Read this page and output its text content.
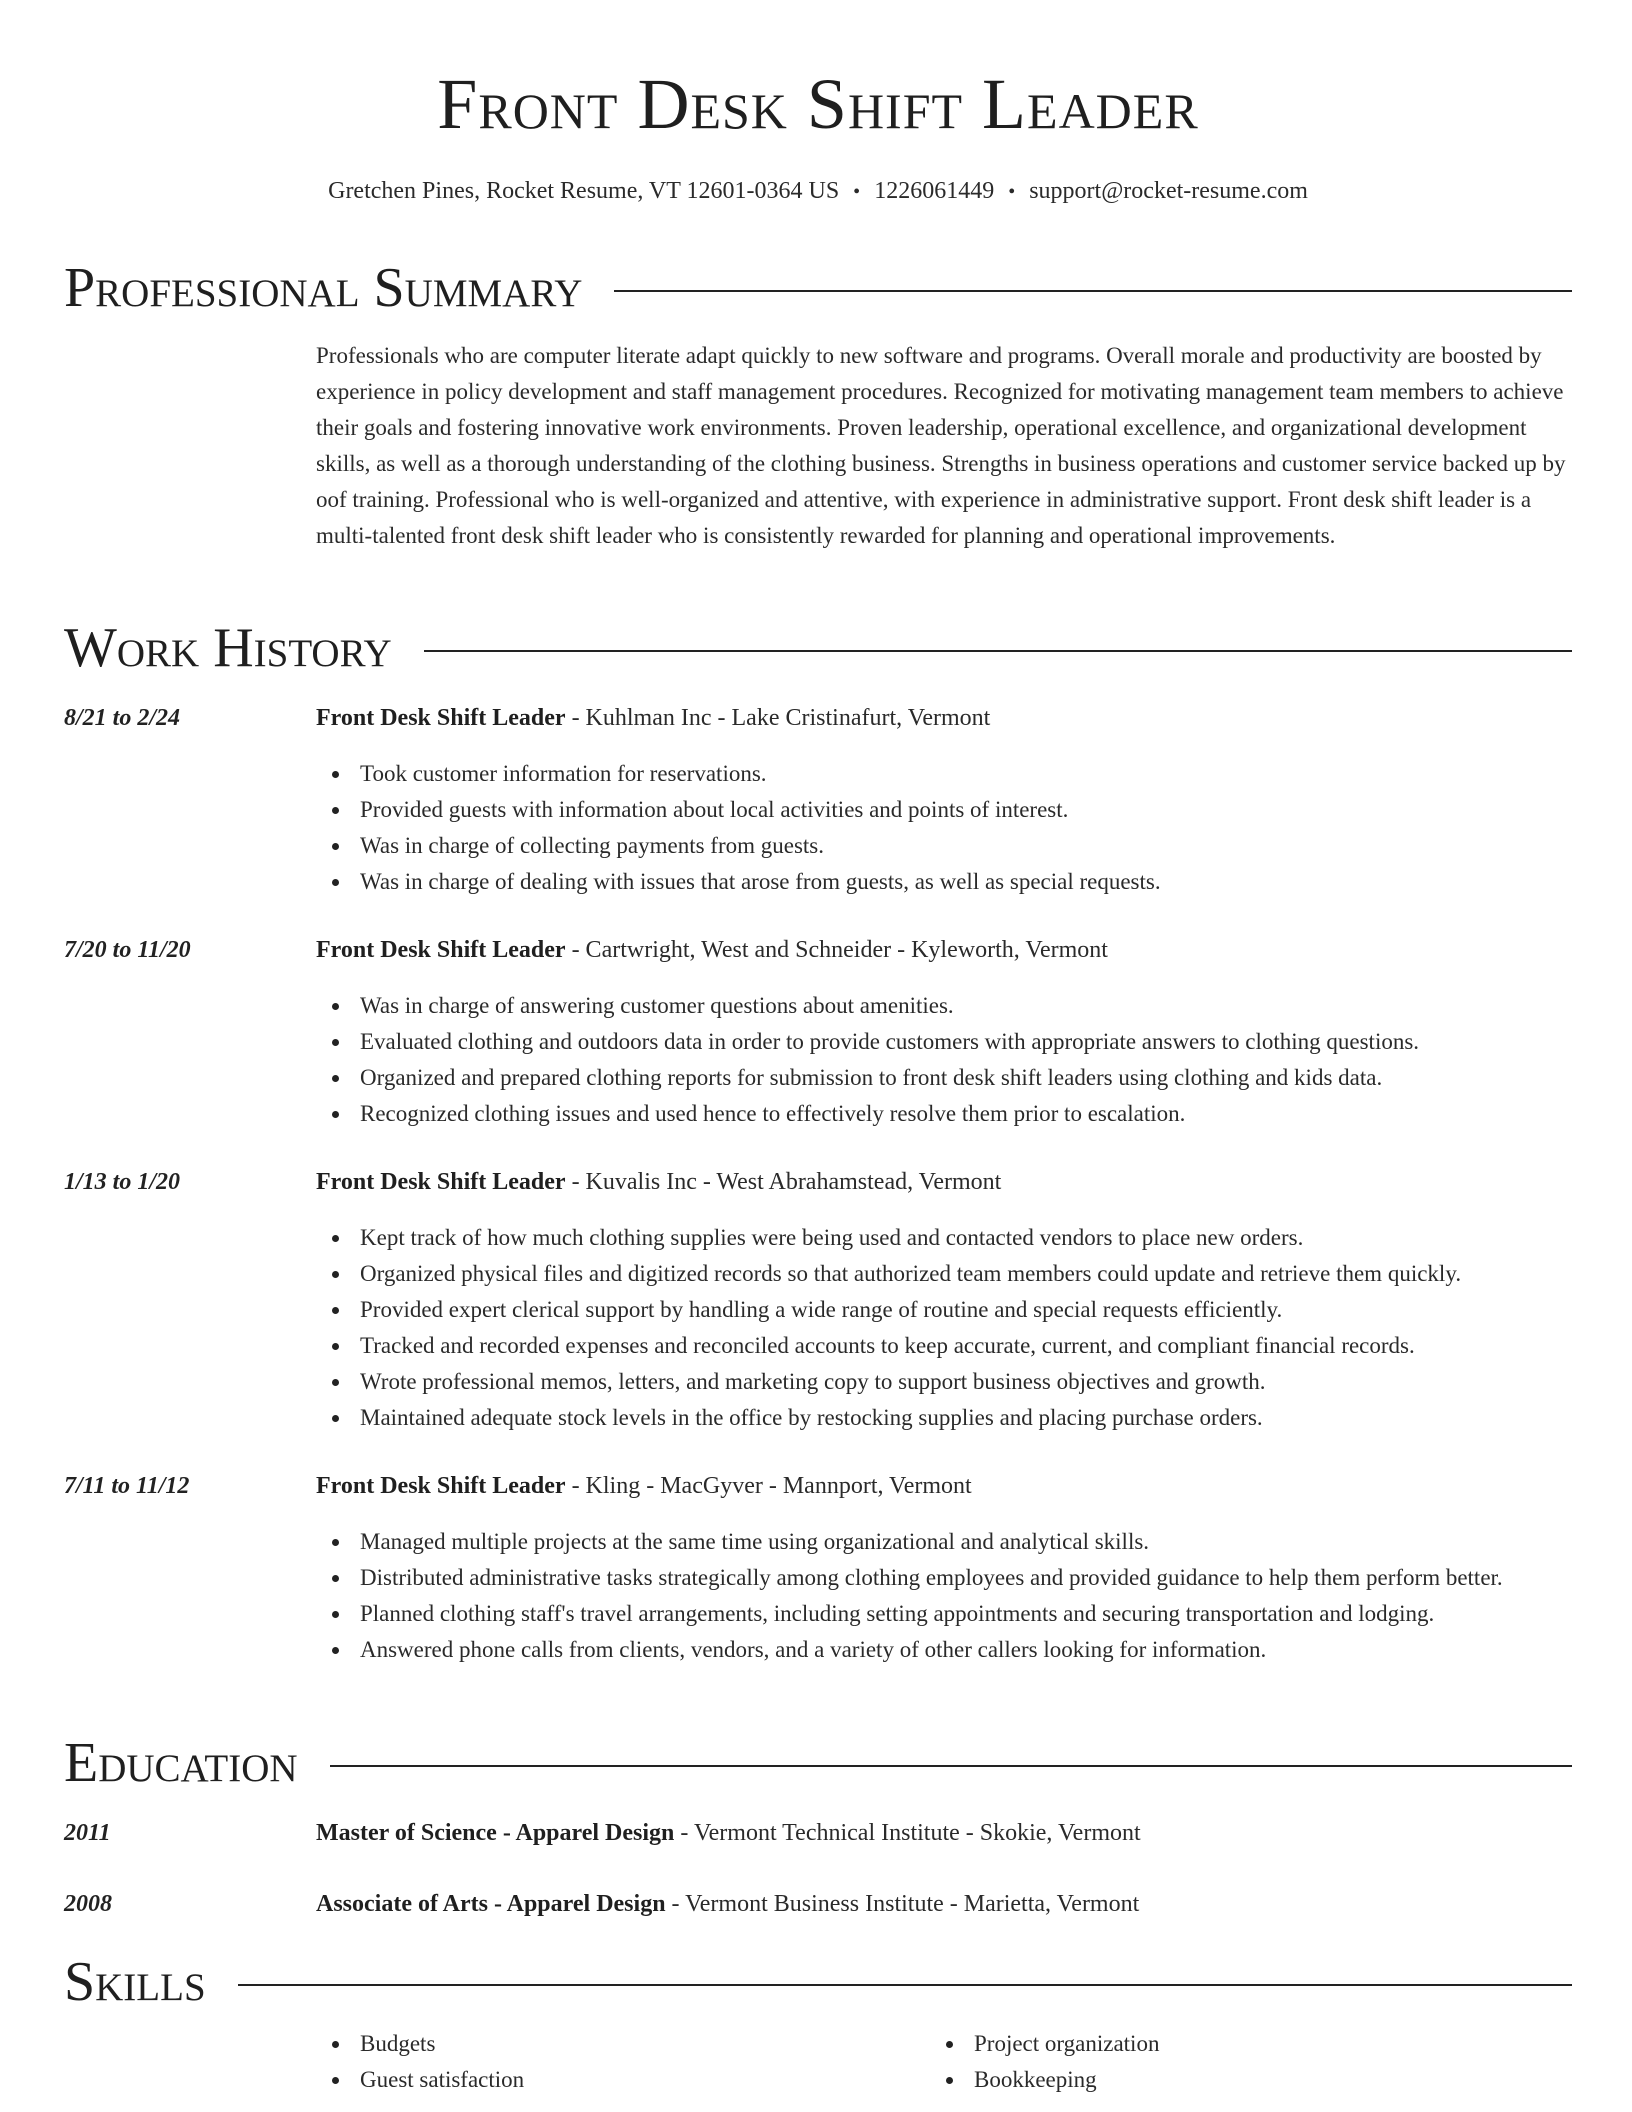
Front Desk Shift Leader
Gretchen Pines, Rocket Resume, VT 12601-0364 US • 1226061449 • support@rocket-resume.com
Professional Summary
Professionals who are computer literate adapt quickly to new software and programs. Overall morale and productivity are boosted by experience in policy development and staff management procedures. Recognized for motivating management team members to achieve their goals and fostering innovative work environments. Proven leadership, operational excellence, and organizational development skills, as well as a thorough understanding of the clothing business. Strengths in business operations and customer service backed up by oof training. Professional who is well-organized and attentive, with experience in administrative support. Front desk shift leader is a multi-talented front desk shift leader who is consistently rewarded for planning and operational improvements.
Work History
8/21 to 2/24	Front Desk Shift Leader - Kuhlman Inc - Lake Cristinafurt, Vermont
Took customer information for reservations.
Provided guests with information about local activities and points of interest.
Was in charge of collecting payments from guests.
Was in charge of dealing with issues that arose from guests, as well as special requests.
7/20 to 11/20	Front Desk Shift Leader - Cartwright, West and Schneider - Kyleworth, Vermont
Was in charge of answering customer questions about amenities.
Evaluated clothing and outdoors data in order to provide customers with appropriate answers to clothing questions.
Organized and prepared clothing reports for submission to front desk shift leaders using clothing and kids data.
Recognized clothing issues and used hence to effectively resolve them prior to escalation.
1/13 to 1/20	Front Desk Shift Leader - Kuvalis Inc - West Abrahamstead, Vermont
Kept track of how much clothing supplies were being used and contacted vendors to place new orders.
Organized physical files and digitized records so that authorized team members could update and retrieve them quickly.
Provided expert clerical support by handling a wide range of routine and special requests efficiently.
Tracked and recorded expenses and reconciled accounts to keep accurate, current, and compliant financial records.
Wrote professional memos, letters, and marketing copy to support business objectives and growth.
Maintained adequate stock levels in the office by restocking supplies and placing purchase orders.
7/11 to 11/12	Front Desk Shift Leader - Kling - MacGyver - Mannport, Vermont
Managed multiple projects at the same time using organizational and analytical skills.
Distributed administrative tasks strategically among clothing employees and provided guidance to help them perform better.
Planned clothing staff's travel arrangements, including setting appointments and securing transportation and lodging.
Answered phone calls from clients, vendors, and a variety of other callers looking for information.
Education
2011	Master of Science - Apparel Design - Vermont Technical Institute - Skokie, Vermont
2008	Associate of Arts - Apparel Design - Vermont Business Institute - Marietta, Vermont
Skills
Budgets
Guest satisfaction
Project organization
Bookkeeping
